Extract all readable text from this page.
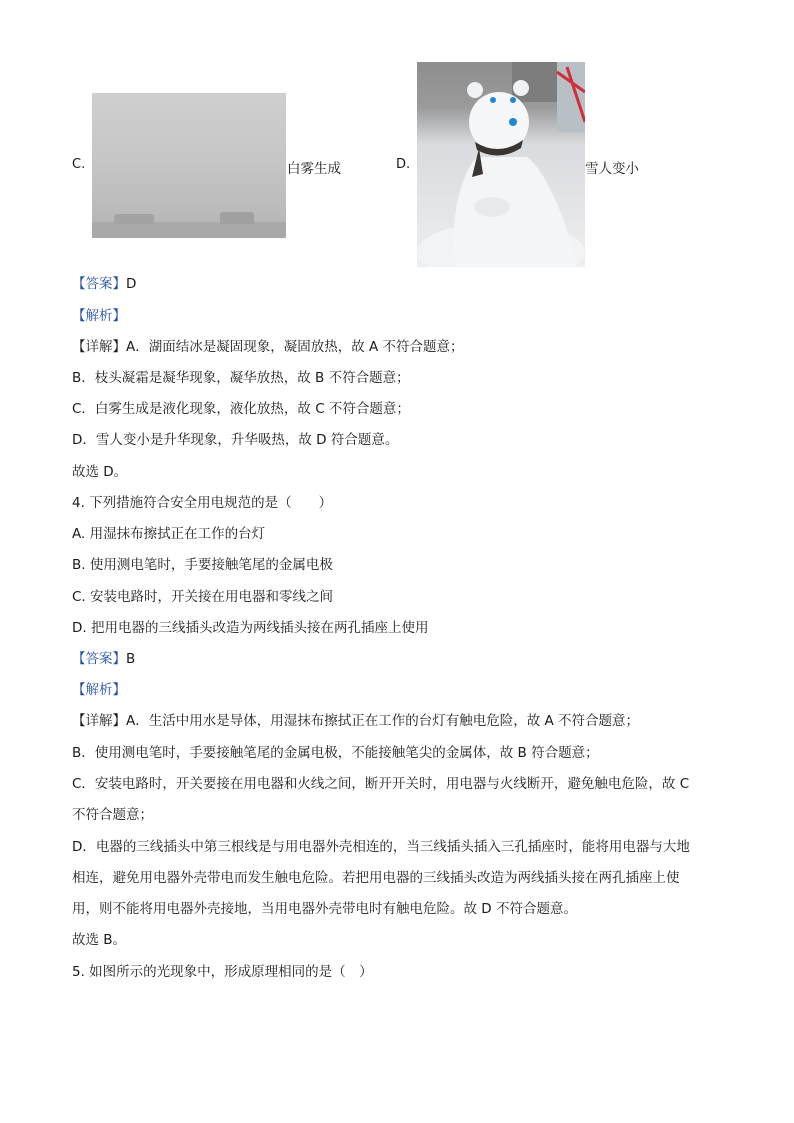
C.	白雾生成	D.	雪人变小
【答案】D
【解析】
【详解】A．湖面结冰是凝固现象，凝固放热，故 A 不符合题意；
B．枝头凝霜是凝华现象，凝华放热，故 B 不符合题意；
C．白雾生成是液化现象，液化放热，故 C 不符合题意；
D．雪人变小是升华现象，升华吸热，故 D 符合题意。
故选 D。
4. 下列措施符合安全用电规范的是（　　）
A. 用湿抹布擦拭正在工作的台灯
B. 使用测电笔时，手要接触笔尾的金属电极
C. 安装电路时，开关接在用电器和零线之间
D. 把用电器的三线插头改造为两线插头接在两孔插座上使用
【答案】B
【解析】
【详解】A．生活中用水是导体，用湿抹布擦拭正在工作的台灯有触电危险，故 A 不符合题意；
B．使用测电笔时，手要接触笔尾的金属电极，不能接触笔尖的金属体，故 B 符合题意；
C．安装电路时，开关要接在用电器和火线之间，断开开关时，用电器与火线断开，避免触电危险，故 C
不符合题意；
D．电器的三线插头中第三根线是与用电器外壳相连的，当三线插头插入三孔插座时，能将用电器与大地
相连，避免用电器外壳带电而发生触电危险。若把用电器的三线插头改造为两线插头接在两孔插座上使
用，则不能将用电器外壳接地，当用电器外壳带电时有触电危险。故 D 不符合题意。
故选 B。
5. 如图所示的光现象中，形成原理相同的是（　）
